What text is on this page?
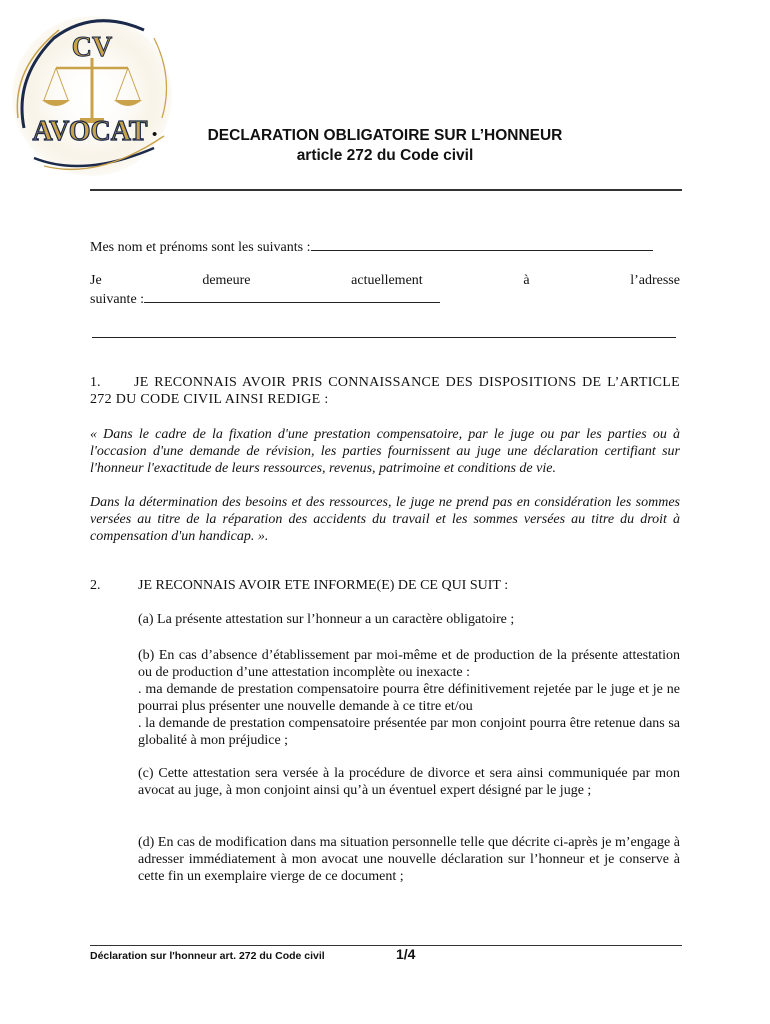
CV
AVOCAT •	DECLARATION OBLIGATOIRE SUR L’HONNEUR
article 272 du Code civil
Mes nom et prénoms sont les suivants :
Je	demeure	actuellement	à	l’adresse
suivante :
1. JE RECONNAIS AVOIR PRIS CONNAISSANCE DES DISPOSITIONS DE L’ARTICLE 272 DU CODE CIVIL AINSI REDIGE :
« Dans le cadre de la fixation d'une prestation compensatoire, par le juge ou par les parties ou à l'occasion d'une demande de révision, les parties fournissent au juge une déclaration certifiant sur l'honneur l'exactitude de leurs ressources, revenus, patrimoine et conditions de vie.
Dans la détermination des besoins et des ressources, le juge ne prend pas en considération les sommes versées au titre de la réparation des accidents du travail et les sommes versées au titre du droit à compensation d'un handicap. ».
2.	JE RECONNAIS AVOIR ETE INFORME(E) DE CE QUI SUIT :
(a) La présente attestation sur l’honneur a un caractère obligatoire ;
(b) En cas d’absence d’établissement par moi-même et de production de la présente attestation ou de production d’une attestation incomplète ou inexacte :
. ma demande de prestation compensatoire pourra être définitivement rejetée par le juge et je ne pourrai plus présenter une nouvelle demande à ce titre et/ou
. la demande de prestation compensatoire présentée par mon conjoint pourra être retenue dans sa globalité à mon préjudice ;
(c) Cette attestation sera versée à la procédure de divorce et sera ainsi communiquée par mon avocat au juge, à mon conjoint ainsi qu’à un éventuel expert désigné par le juge ;
(d) En cas de modification dans ma situation personnelle telle que décrite ci-après je m’engage à adresser immédiatement à mon avocat une nouvelle déclaration sur l’honneur et je conserve à cette fin un exemplaire vierge de ce document ;
Déclaration sur l'honneur art. 272 du Code civil	1/4
